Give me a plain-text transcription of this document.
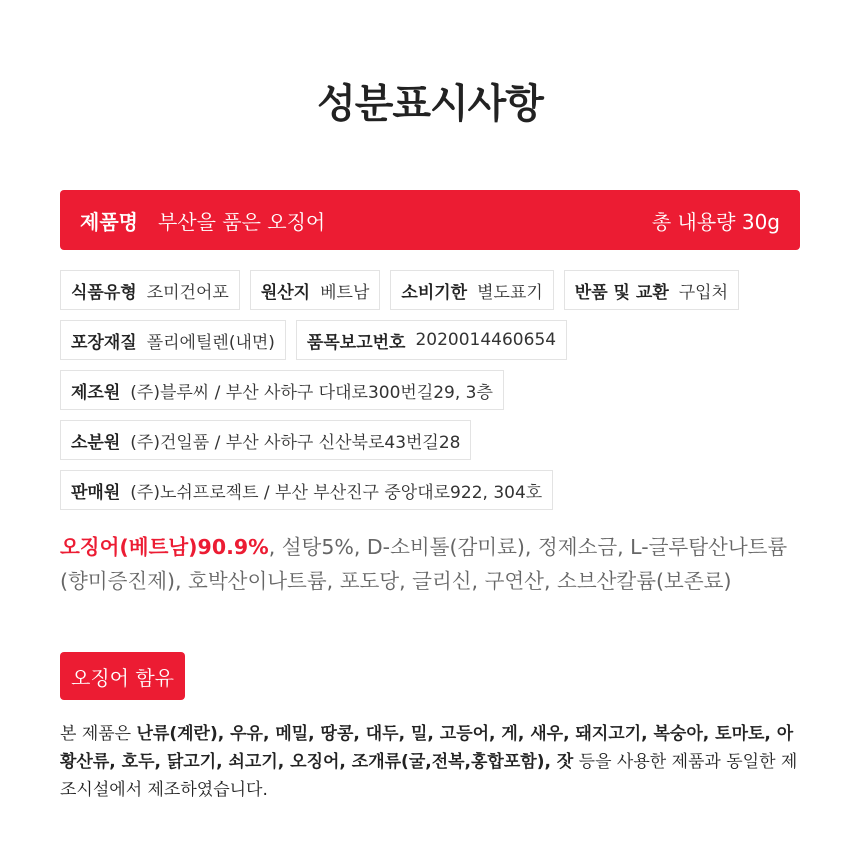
성분표시사항
제품명 부산을 품은 오징어	총 내용량 30g
식품유형 조미건어포 원산지 베트남 소비기한 별도표기 반품 및 교환 구입처
포장재질 폴리에틸렌(내면) 품목보고번호 2020014460654
제조원 (주)블루씨 / 부산 사하구 다대로300번길29, 3층
소분원 (주)건일품 / 부산 사하구 신산북로43번길28
판매원 (주)노쉬프로젝트 / 부산 부산진구 중앙대로922, 304호

오징어(베트남)90.9%, 설탕5%, D-소비톨(감미료), 정제소금, L-글루탐산나트륨(향미증진제), 호박산이나트륨, 포도당, 글리신, 구연산, 소브산칼륨(보존료)

오징어 함유

본 제품은 난류(계란), 우유, 메밀, 땅콩, 대두, 밀, 고등어, 게, 새우, 돼지고기, 복숭아, 토마토, 아황산류, 호두, 닭고기, 쇠고기, 오징어, 조개류(굴,전복,홍합포함), 잣 등을 사용한 제품과 동일한 제조시설에서 제조하였습니다.
